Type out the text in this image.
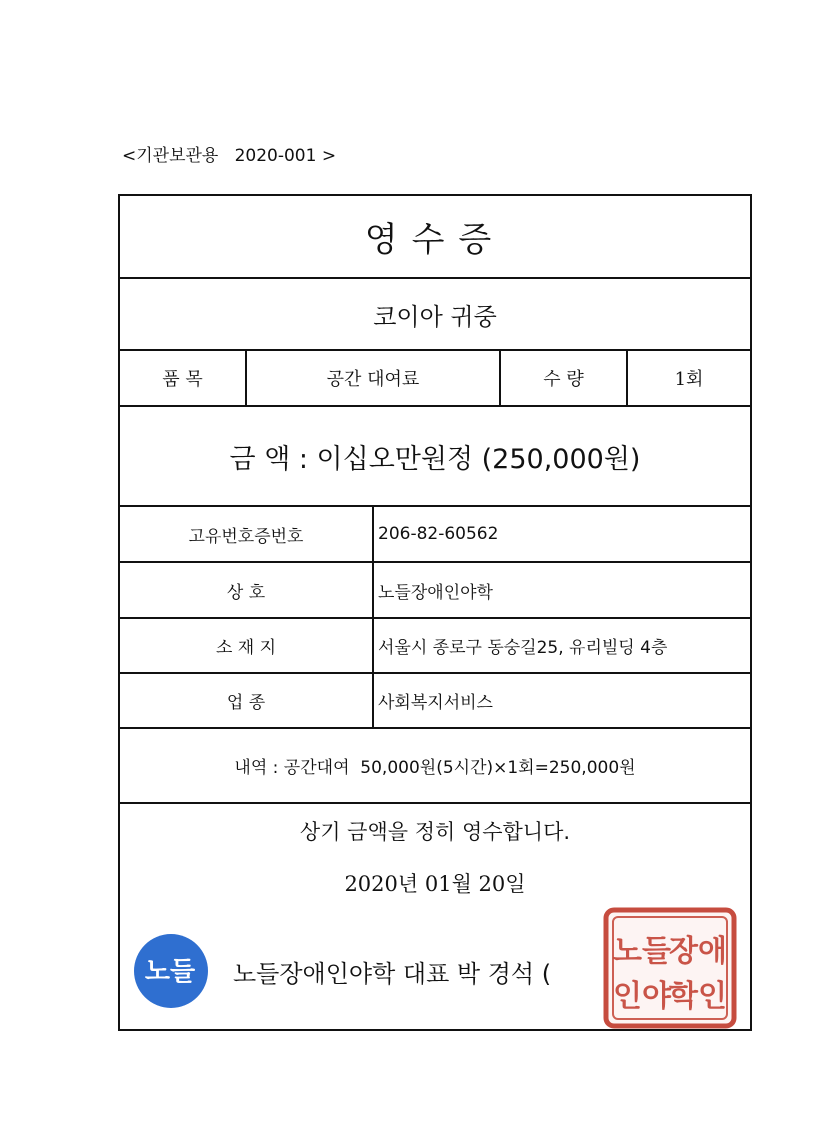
<기관보관용   2020-001 >
영수증
코이아 귀중
품 목	공간 대여료	수 량	1회
금 액 : 이십오만원정 (250,000원)
고유번호증번호	206-82-60562
상 호	노들장애인야학
소 재 지	서울시 종로구 동숭길25, 유리빌딩 4층
업 종	사회복지서비스
내역 : 공간대여  50,000원(5시간)×1회=250,000원
상기 금액을 정히 영수합니다.
2020년 01월 20일
노들 노들장애인야학 대표 박 경석 (
노들
장애
인야
학인
